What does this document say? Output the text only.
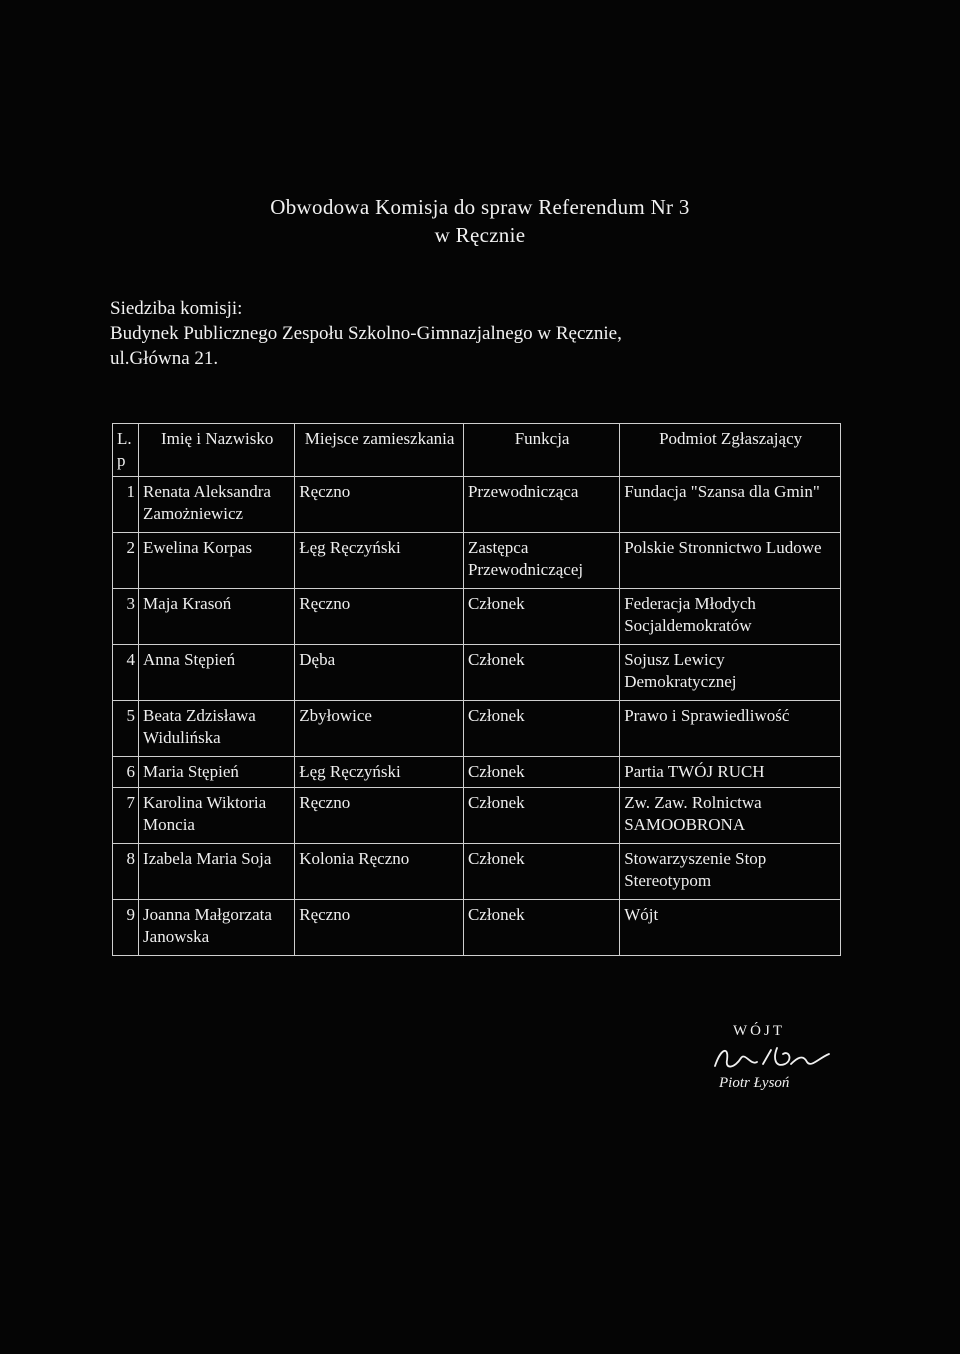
Obwodowa Komisja do spraw Referendum Nr 3
w Ręcznie
Siedziba komisji:
Budynek Publicznego Zespołu Szkolno-Gimnazjalnego w Ręcznie,
ul.Główna 21.
L. p	Imię i Nazwisko	Miejsce zamieszkania	Funkcja	Podmiot Zgłaszający
1	Renata Aleksandra Zamożniewicz	Ręczno	Przewodnicząca	Fundacja "Szansa dla Gmin"
2	Ewelina Korpas	Łęg Ręczyński	Zastępca Przewodniczącej	Polskie Stronnictwo Ludowe
3	Maja Krasoń	Ręczno	Członek	Federacja Młodych Socjaldemokratów
4	Anna Stępień	Dęba	Członek	Sojusz Lewicy Demokratycznej
5	Beata Zdzisława Widulińska	Zbyłowice	Członek	Prawo i Sprawiedliwość
6	Maria Stępień	Łęg Ręczyński	Członek	Partia TWÓJ RUCH
7	Karolina Wiktoria Moncia	Ręczno	Członek	Zw. Zaw. Rolnictwa SAMOOBRONA
8	Izabela Maria Soja	Kolonia Ręczno	Członek	Stowarzyszenie Stop Stereotypom
9	Joanna Małgorzata Janowska	Ręczno	Członek	Wójt
WÓJT
Piotr Łysoń
